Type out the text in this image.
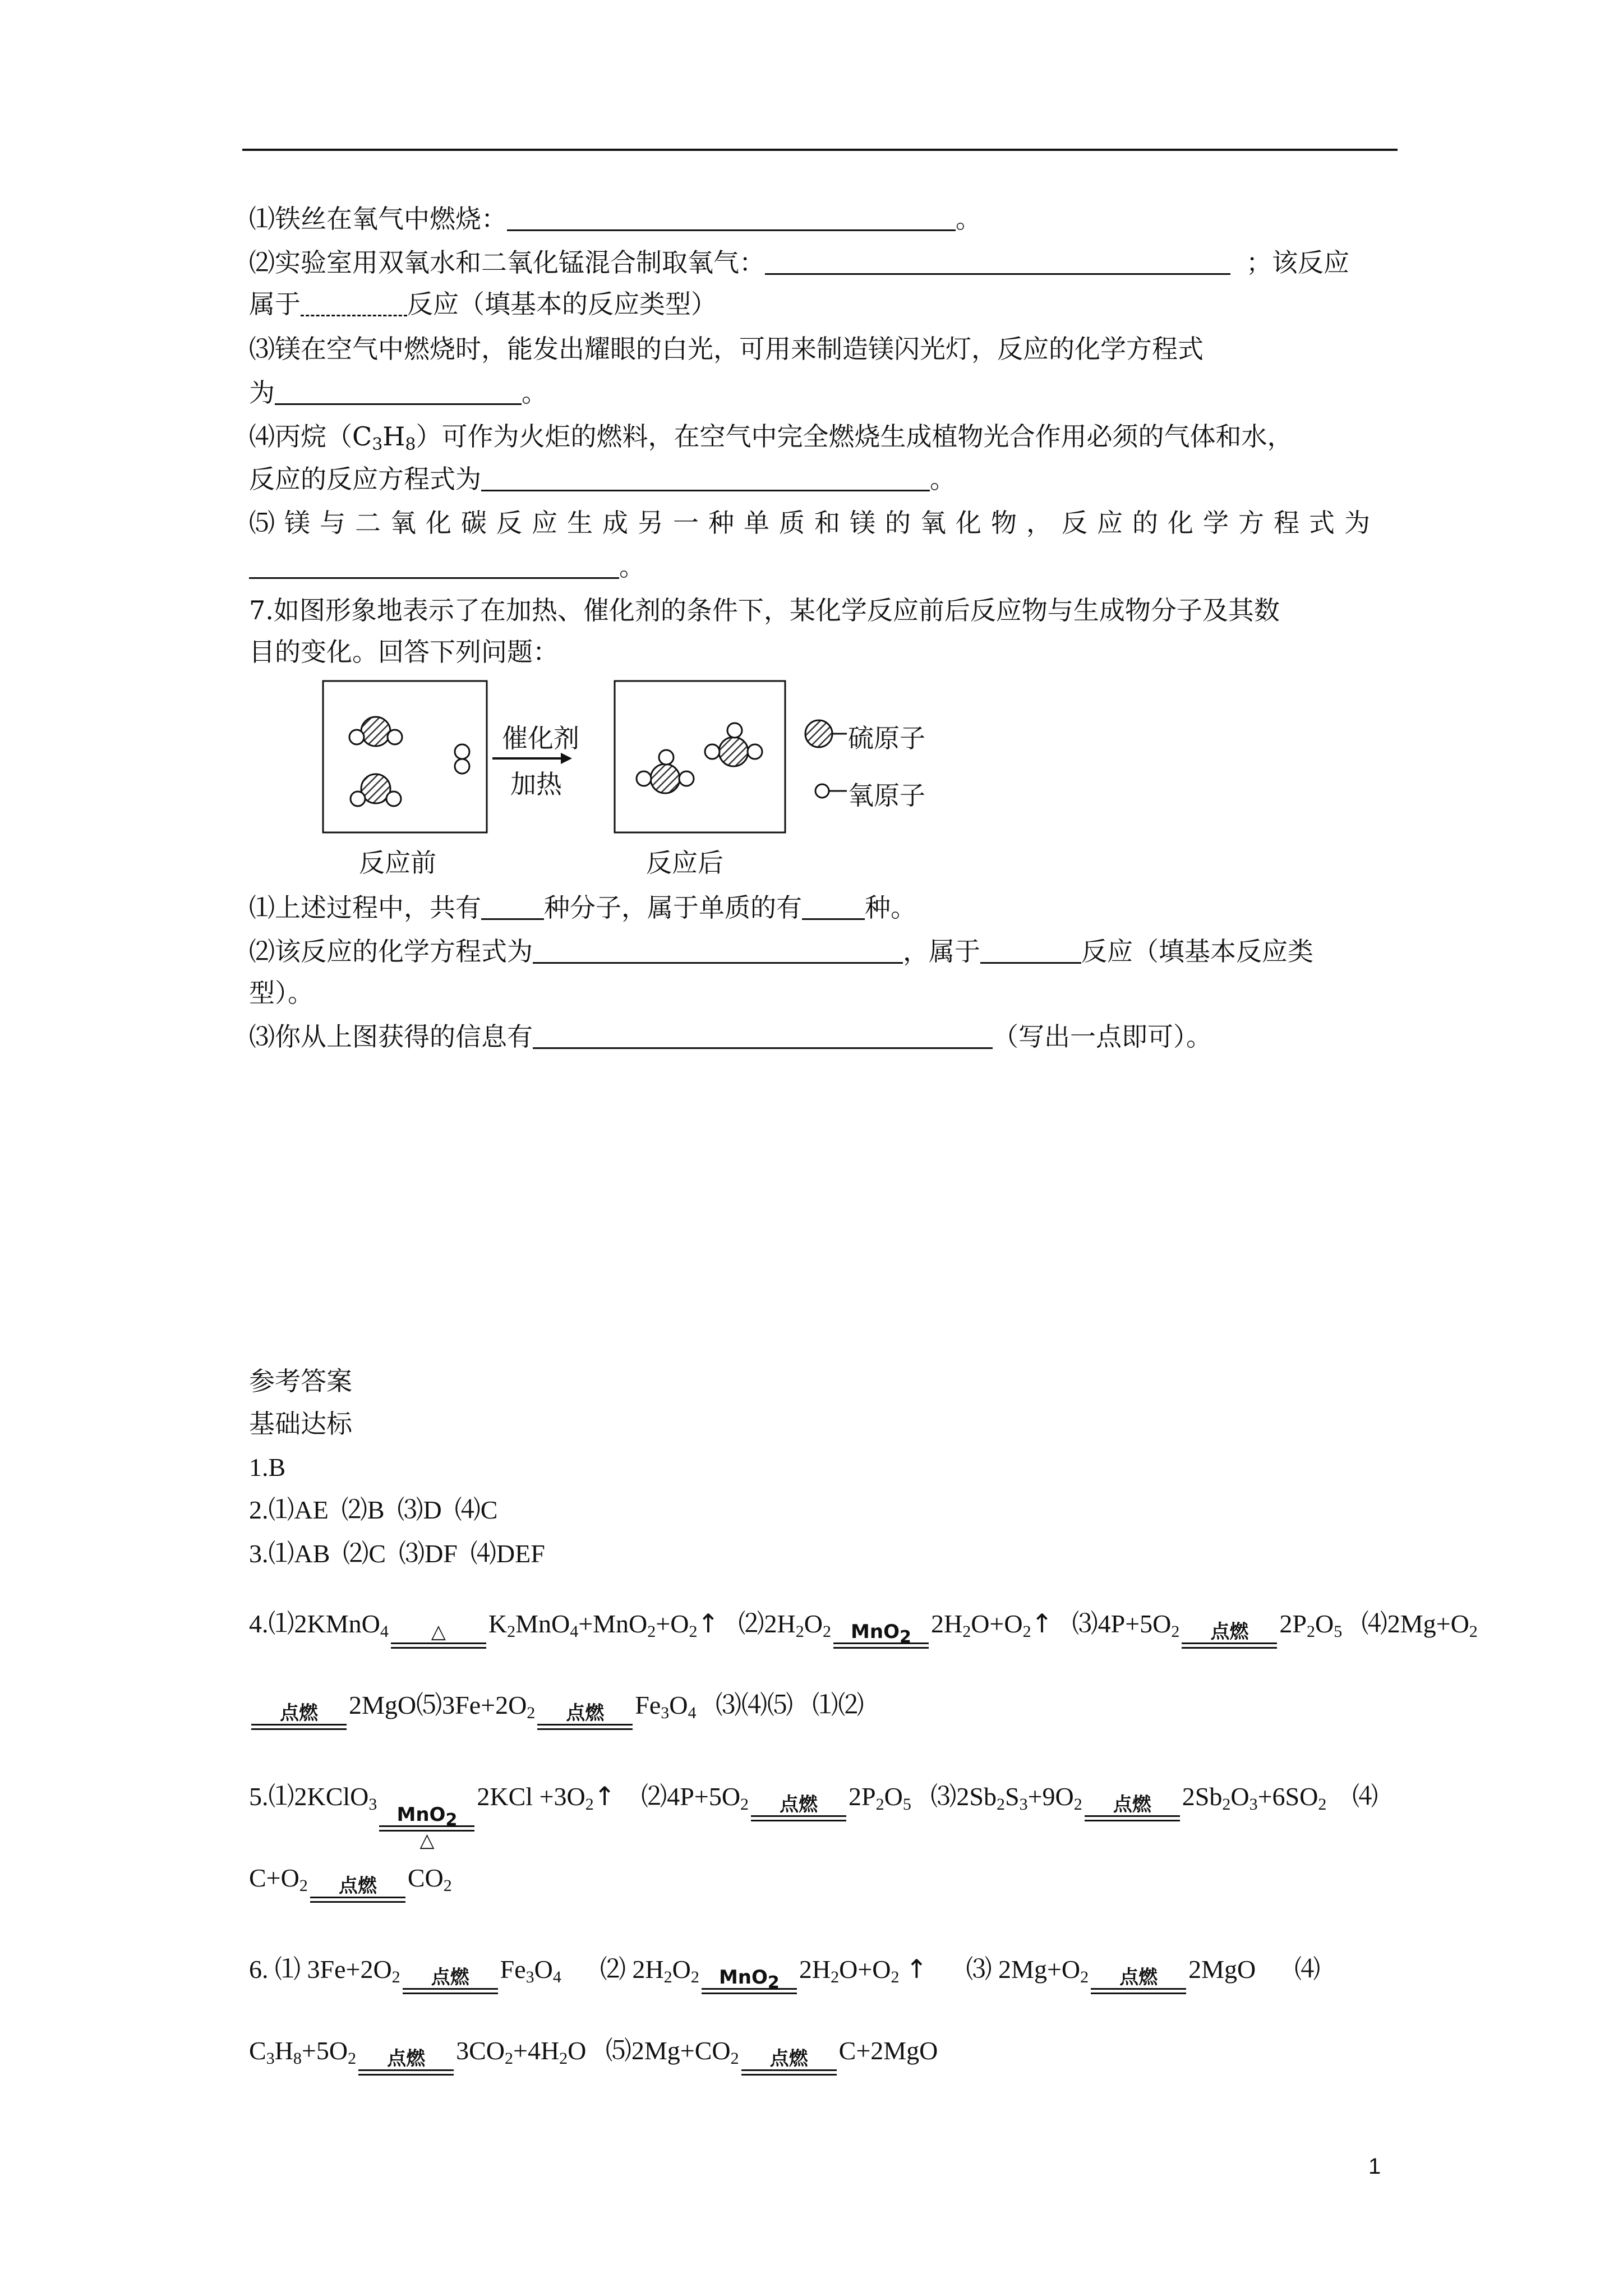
⑴铁丝在氧气中燃烧：	。
⑵实验室用双氧水和二氧化锰混合制取氧气：	；该反应
属于	反应（填基本的反应类型）
⑶镁在空气中燃烧时，能发出耀眼的白光，可用来制造镁闪光灯，反应的化学方程式
为	。
⑷丙烷$(C_3H_8)$可作为火炬的燃料，在空气中完全燃烧生成植物光合作用必须的气体和水，
反应的反应方程式为	。
⑸镁与二氧化碳反应生成另一种单质和镁的氧化物，反应的化学方程式为
。
7.如图形象地表示了在加热、催化剂的条件下，某化学反应前后反应物与生成物分子及其数
目的变化。回答下列问题：
催化剂
加热
反应前	反应后
硫原子
氧原子
⑴上述过程中，共有 种分子，属于单质的有 种。
⑵该反应的化学方程式为	，属于	反应（填基本反应类
型）。
⑶你从上图获得的信息有	（写出一点即可）。
参考答案
基础达标
1.B
2.⑴AE  ⑵B  ⑶D  ⑷C
3.⑴AB  ⑵C  ⑶DF  ⑷DEF
4.⑴2KMnO$_4$ △ $K_2MnO_4+MnO_2+O_2↑$   $⑵2H_2O_2$ MnO$_2$ $2H_2O+O_2↑$   $⑶4P+5O_2$ 点燃 $2P_2O_5$   $⑷2Mg+O_2$
点燃 $2MgO⑸3Fe+2O_2$ 点燃 $Fe_3O_4$   ⑶⑷⑸   ⑴⑵
5.⑴2KClO$_3$ MnO$_2$
△
$2KCl +3O_2↑$    $⑵4P+5O_2$ 点燃 $2P_2O_5$   $⑶2Sb_2S_3+9O_2$ 点燃 $2Sb_2O_3+6SO_2$    ⑷
$C+O_2$ 点燃 $CO_2$
6. ⑴ $3Fe+2O_2$ 点燃 $Fe_3O_4$      ⑵ $2H_2O_2$ MnO$_2$ $2H_2O+O_2$ ↑      ⑶ $2Mg+O_2$ 点燃 2MgO      ⑷
$C_3H_8+5O_2$ 点燃 $3CO_2+4H_2O$   $⑸2Mg+CO_2$ 点燃 C+2MgO
1
